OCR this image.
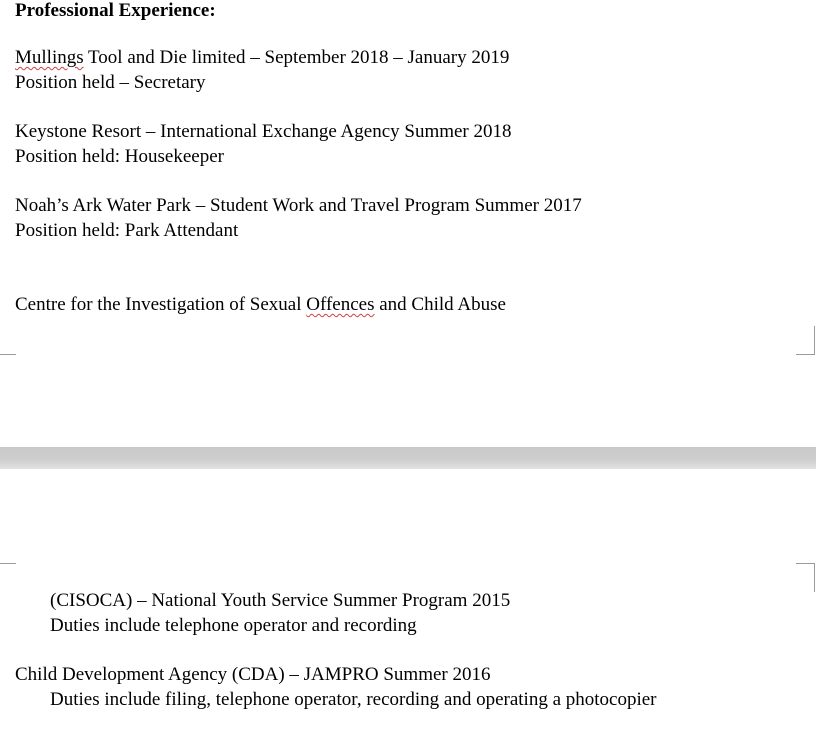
Professional Experience:
Mullings Tool and Die limited – September 2018 – January 2019
Position held – Secretary
Keystone Resort – International Exchange Agency Summer 2018
Position held: Housekeeper
Noah’s Ark Water Park – Student Work and Travel Program Summer 2017
Position held: Park Attendant
Centre for the Investigation of Sexual Offences and Child Abuse
(CISOCA) – National Youth Service Summer Program 2015
Duties include telephone operator and recording
Child Development Agency (CDA) – JAMPRO Summer 2016
Duties include filing, telephone operator, recording and operating a photocopier
